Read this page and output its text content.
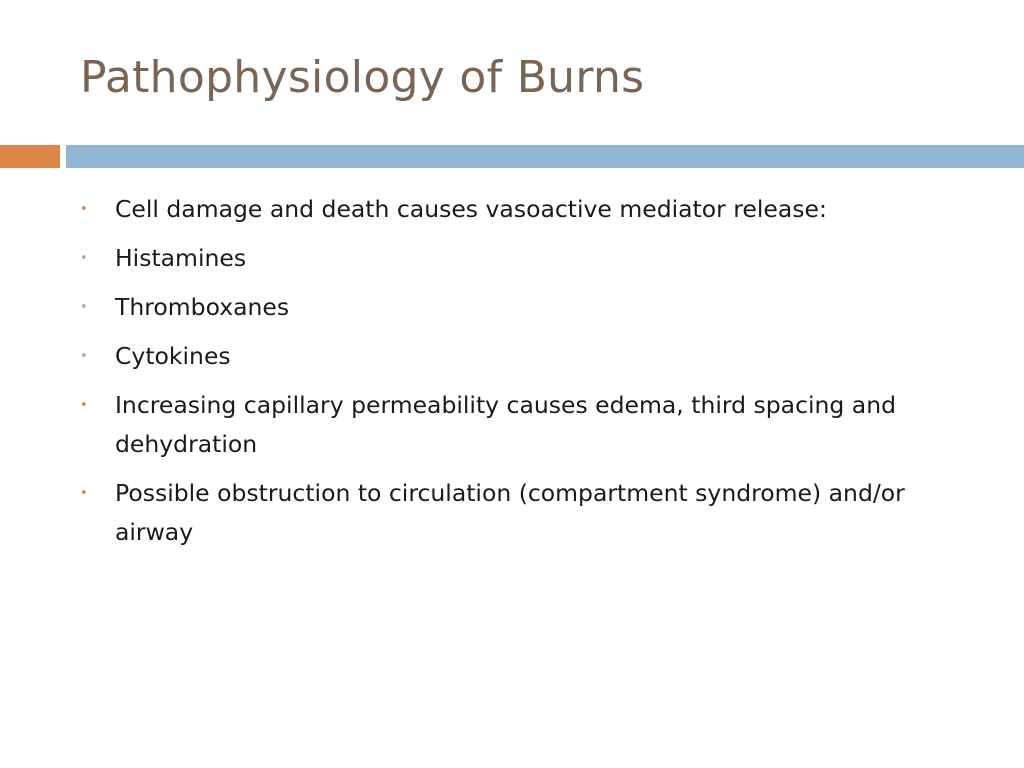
Pathophysiology of Burns
• Cell damage and death causes vasoactive mediator release:
• Histamines
• Thromboxanes
• Cytokines
• Increasing capillary permeability causes edema, third spacing and dehydration
• Possible obstruction to circulation (compartment syndrome) and/or airway
